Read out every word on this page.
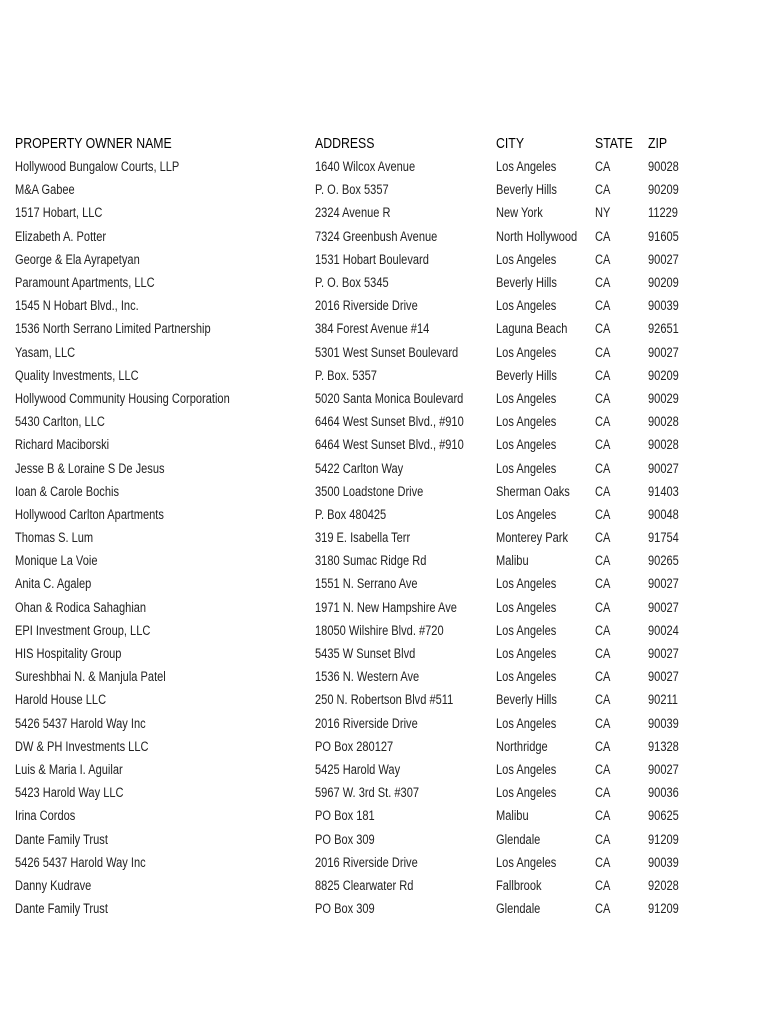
PROPERTY OWNER NAME	ADDRESS	CITY	STATE	ZIP
Hollywood Bungalow Courts, LLP	1640 Wilcox Avenue	Los Angeles	CA	90028
M&A Gabee	P. O. Box 5357	Beverly Hills	CA	90209
1517 Hobart, LLC	2324 Avenue R	New York	NY	11229
Elizabeth A. Potter	7324 Greenbush Avenue	North Hollywood	CA	91605
George & Ela Ayrapetyan	1531 Hobart Boulevard	Los Angeles	CA	90027
Paramount Apartments, LLC	P. O. Box 5345	Beverly Hills	CA	90209
1545 N Hobart Blvd., Inc.	2016 Riverside Drive	Los Angeles	CA	90039
1536 North Serrano Limited Partnership	384 Forest Avenue #14	Laguna Beach	CA	92651
Yasam, LLC	5301 West Sunset Boulevard	Los Angeles	CA	90027
Quality Investments, LLC	P. Box. 5357	Beverly Hills	CA	90209
Hollywood Community Housing Corporation	5020 Santa Monica Boulevard	Los Angeles	CA	90029
5430 Carlton, LLC	6464 West Sunset Blvd., #910	Los Angeles	CA	90028
Richard Maciborski	6464 West Sunset Blvd., #910	Los Angeles	CA	90028
Jesse B & Loraine S De Jesus	5422 Carlton Way	Los Angeles	CA	90027
Ioan & Carole Bochis	3500 Loadstone Drive	Sherman Oaks	CA	91403
Hollywood Carlton Apartments	P. Box 480425	Los Angeles	CA	90048
Thomas S. Lum	319 E. Isabella Terr	Monterey Park	CA	91754
Monique La Voie	3180 Sumac Ridge Rd	Malibu	CA	90265
Anita C. Agalep	1551 N. Serrano Ave	Los Angeles	CA	90027
Ohan & Rodica Sahaghian	1971 N. New Hampshire Ave	Los Angeles	CA	90027
EPI Investment Group, LLC	18050 Wilshire Blvd. #720	Los Angeles	CA	90024
HIS Hospitality Group	5435 W Sunset Blvd	Los Angeles	CA	90027
Sureshbhai N. & Manjula Patel	1536 N. Western Ave	Los Angeles	CA	90027
Harold House LLC	250 N. Robertson Blvd #511	Beverly Hills	CA	90211
5426 5437 Harold Way Inc	2016 Riverside Drive	Los Angeles	CA	90039
DW & PH Investments LLC	PO Box 280127	Northridge	CA	91328
Luis & Maria I. Aguilar	5425 Harold Way	Los Angeles	CA	90027
5423 Harold Way LLC	5967 W. 3rd St. #307	Los Angeles	CA	90036
Irina Cordos	PO Box 181	Malibu	CA	90625
Dante Family Trust	PO Box 309	Glendale	CA	91209
5426 5437 Harold Way Inc	2016 Riverside Drive	Los Angeles	CA	90039
Danny Kudrave	8825 Clearwater Rd	Fallbrook	CA	92028
Dante Family Trust	PO Box 309	Glendale	CA	91209
